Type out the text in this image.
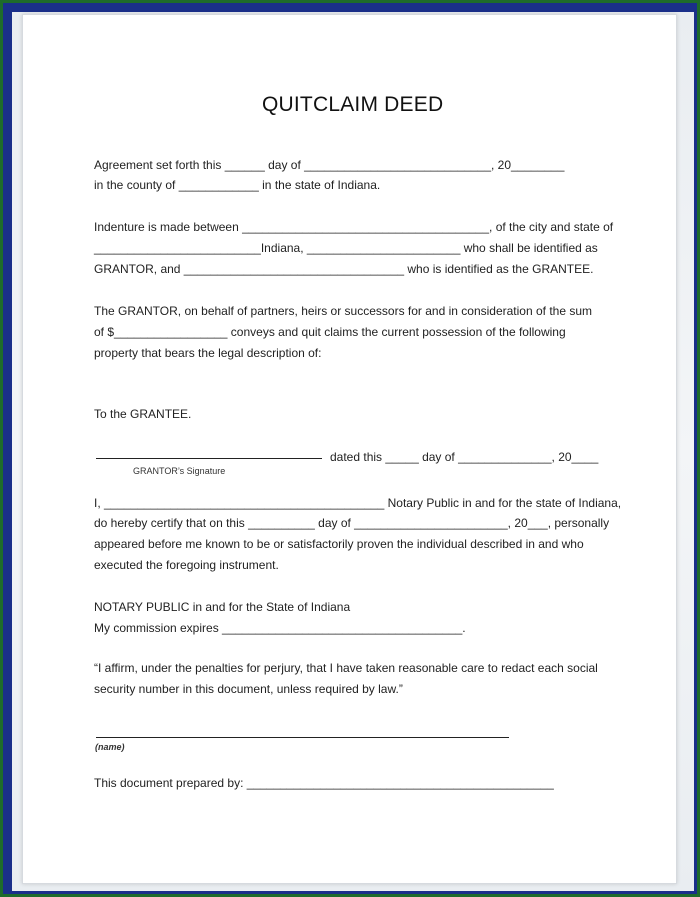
QUITCLAIM DEED
Agreement set forth this ______ day of ____________________________, 20________
in the county of ____________ in the state of Indiana.
Indenture is made between _____________________________________, of the city and state of
_________________________Indiana, _______________________ who shall be identified as
GRANTOR, and _________________________________ who is identified as the GRANTEE.
The GRANTOR, on behalf of partners, heirs or successors for and in consideration of the sum
of $_________________ conveys and quit claims the current possession of the following
property that bears the legal description of:
To the GRANTEE.
dated this _____ day of ______________, 20____
GRANTOR’s Signature
I, __________________________________________ Notary Public in and for the state of Indiana,
do hereby certify that on this __________ day of _______________________, 20___, personally
appeared before me known to be or satisfactorily proven the individual described in and who
executed the foregoing instrument.
NOTARY PUBLIC in and for the State of Indiana
My commission expires ____________________________________.
“I affirm, under the penalties for perjury, that I have taken reasonable care to redact each social
security number in this document, unless required by law.”
(name)
This document prepared by: ______________________________________________
